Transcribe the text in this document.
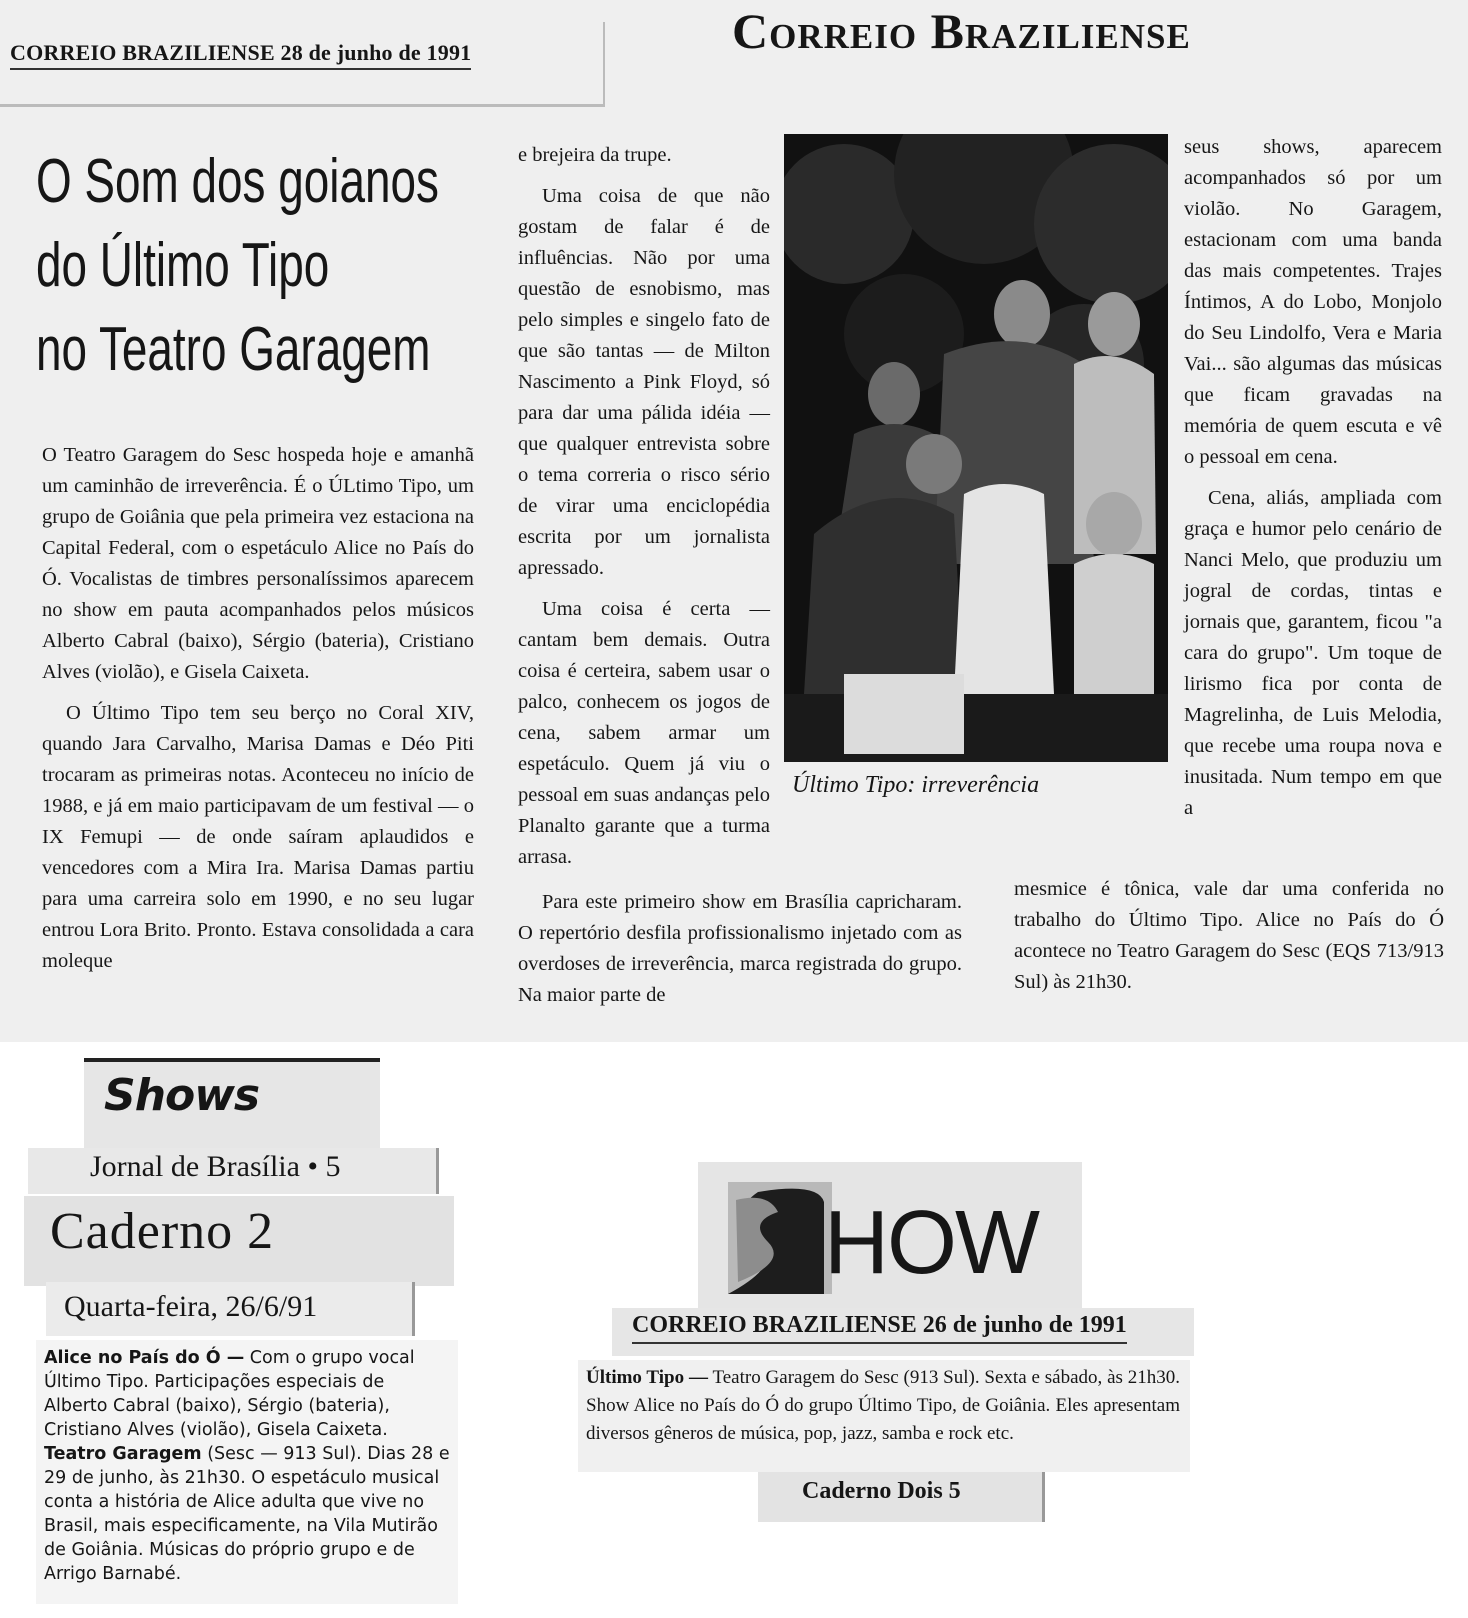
CORREIO BRAZILIENSE 28 de junho de 1991	Correio Braziliense
O Som dos goianos
do Último Tipo
no Teatro Garagem

O Teatro Garagem do Sesc hospeda hoje e amanhã um caminhão de irreverência. É o ÚLtimo Tipo, um grupo de Goiânia que pela primeira vez estaciona na Capital Federal, com o espetáculo Alice no País do Ó. Vocalistas de timbres personalíssimos aparecem no show em pauta acompanhados pelos músicos Alberto Cabral (baixo), Sérgio (bateria), Cristiano Alves (violão), e Gisela Caixeta.

O Último Tipo tem seu berço no Coral XIV, quando Jara Carvalho, Marisa Damas e Déo Piti trocaram as primeiras notas. Aconteceu no início de 1988, e já em maio participavam de um festival — o IX Femupi — de onde saíram aplaudidos e vencedores com a Mira Ira. Marisa Damas partiu para uma carreira solo em 1990, e no seu lugar entrou Lora Brito. Pronto. Estava consolidada a cara moleque

e brejeira da trupe.

Uma coisa de que não gostam de falar é de influências. Não por uma questão de esnobismo, mas pelo simples e singelo fato de que são tantas — de Milton Nascimento a Pink Floyd, só para dar uma pálida idéia — que qualquer entrevista sobre o tema correria o risco sério de virar uma enciclopédia escrita por um jornalista apressado.

Uma coisa é certa — cantam bem demais. Outra coisa é certeira, sabem usar o palco, conhecem os jogos de cena, sabem armar um espetáculo. Quem já viu o pessoal em suas andanças pelo Planalto garante que a turma arrasa.

Último Tipo: irreverência

seus shows, aparecem acompanhados só por um violão. No Garagem, estacionam com uma banda das mais competentes. Trajes Íntimos, A do Lobo, Monjolo do Seu Lindolfo, Vera e Maria Vai... são algumas das músicas que ficam gravadas na memória de quem escuta e vê o pessoal em cena.

Cena, aliás, ampliada com graça e humor pelo cenário de Nanci Melo, que produziu um jogral de cordas, tintas e jornais que, garantem, ficou "a cara do grupo". Um toque de lirismo fica por conta de Magrelinha, de Luis Melodia, que recebe uma roupa nova e inusitada. Num tempo em que a

Para este primeiro show em Brasília capricharam. O repertório desfila profissionalismo injetado com as overdoses de irreverência, marca registrada do grupo. Na maior parte de

mesmice é tônica, vale dar uma conferida no trabalho do Último Tipo. Alice no País do Ó acontece no Teatro Garagem do Sesc (EQS 713/913 Sul) às 21h30.

Shows
Jornal de Brasília • 5
Caderno 2
Quarta-feira, 26/6/91

Alice no País do Ó — Com o grupo vocal Último Tipo. Participações especiais de Alberto Cabral (baixo), Sérgio (bateria), Cristiano Alves (violão), Gisela Caixeta. Teatro Garagem (Sesc — 913 Sul). Dias 28 e 29 de junho, às 21h30. O espetáculo musical conta a história de Alice adulta que vive no Brasil, mais especificamente, na Vila Mutirão de Goiânia. Músicas do próprio grupo e de Arrigo Barnabé.

HOW
CORREIO BRAZILIENSE 26 de junho de 1991

Último Tipo — Teatro Garagem do Sesc (913 Sul). Sexta e sábado, às 21h30. Show Alice no País do Ó do grupo Último Tipo, de Goiânia. Eles apresentam diversos gêneros de música, pop, jazz, samba e rock etc.

Caderno Dois 5
